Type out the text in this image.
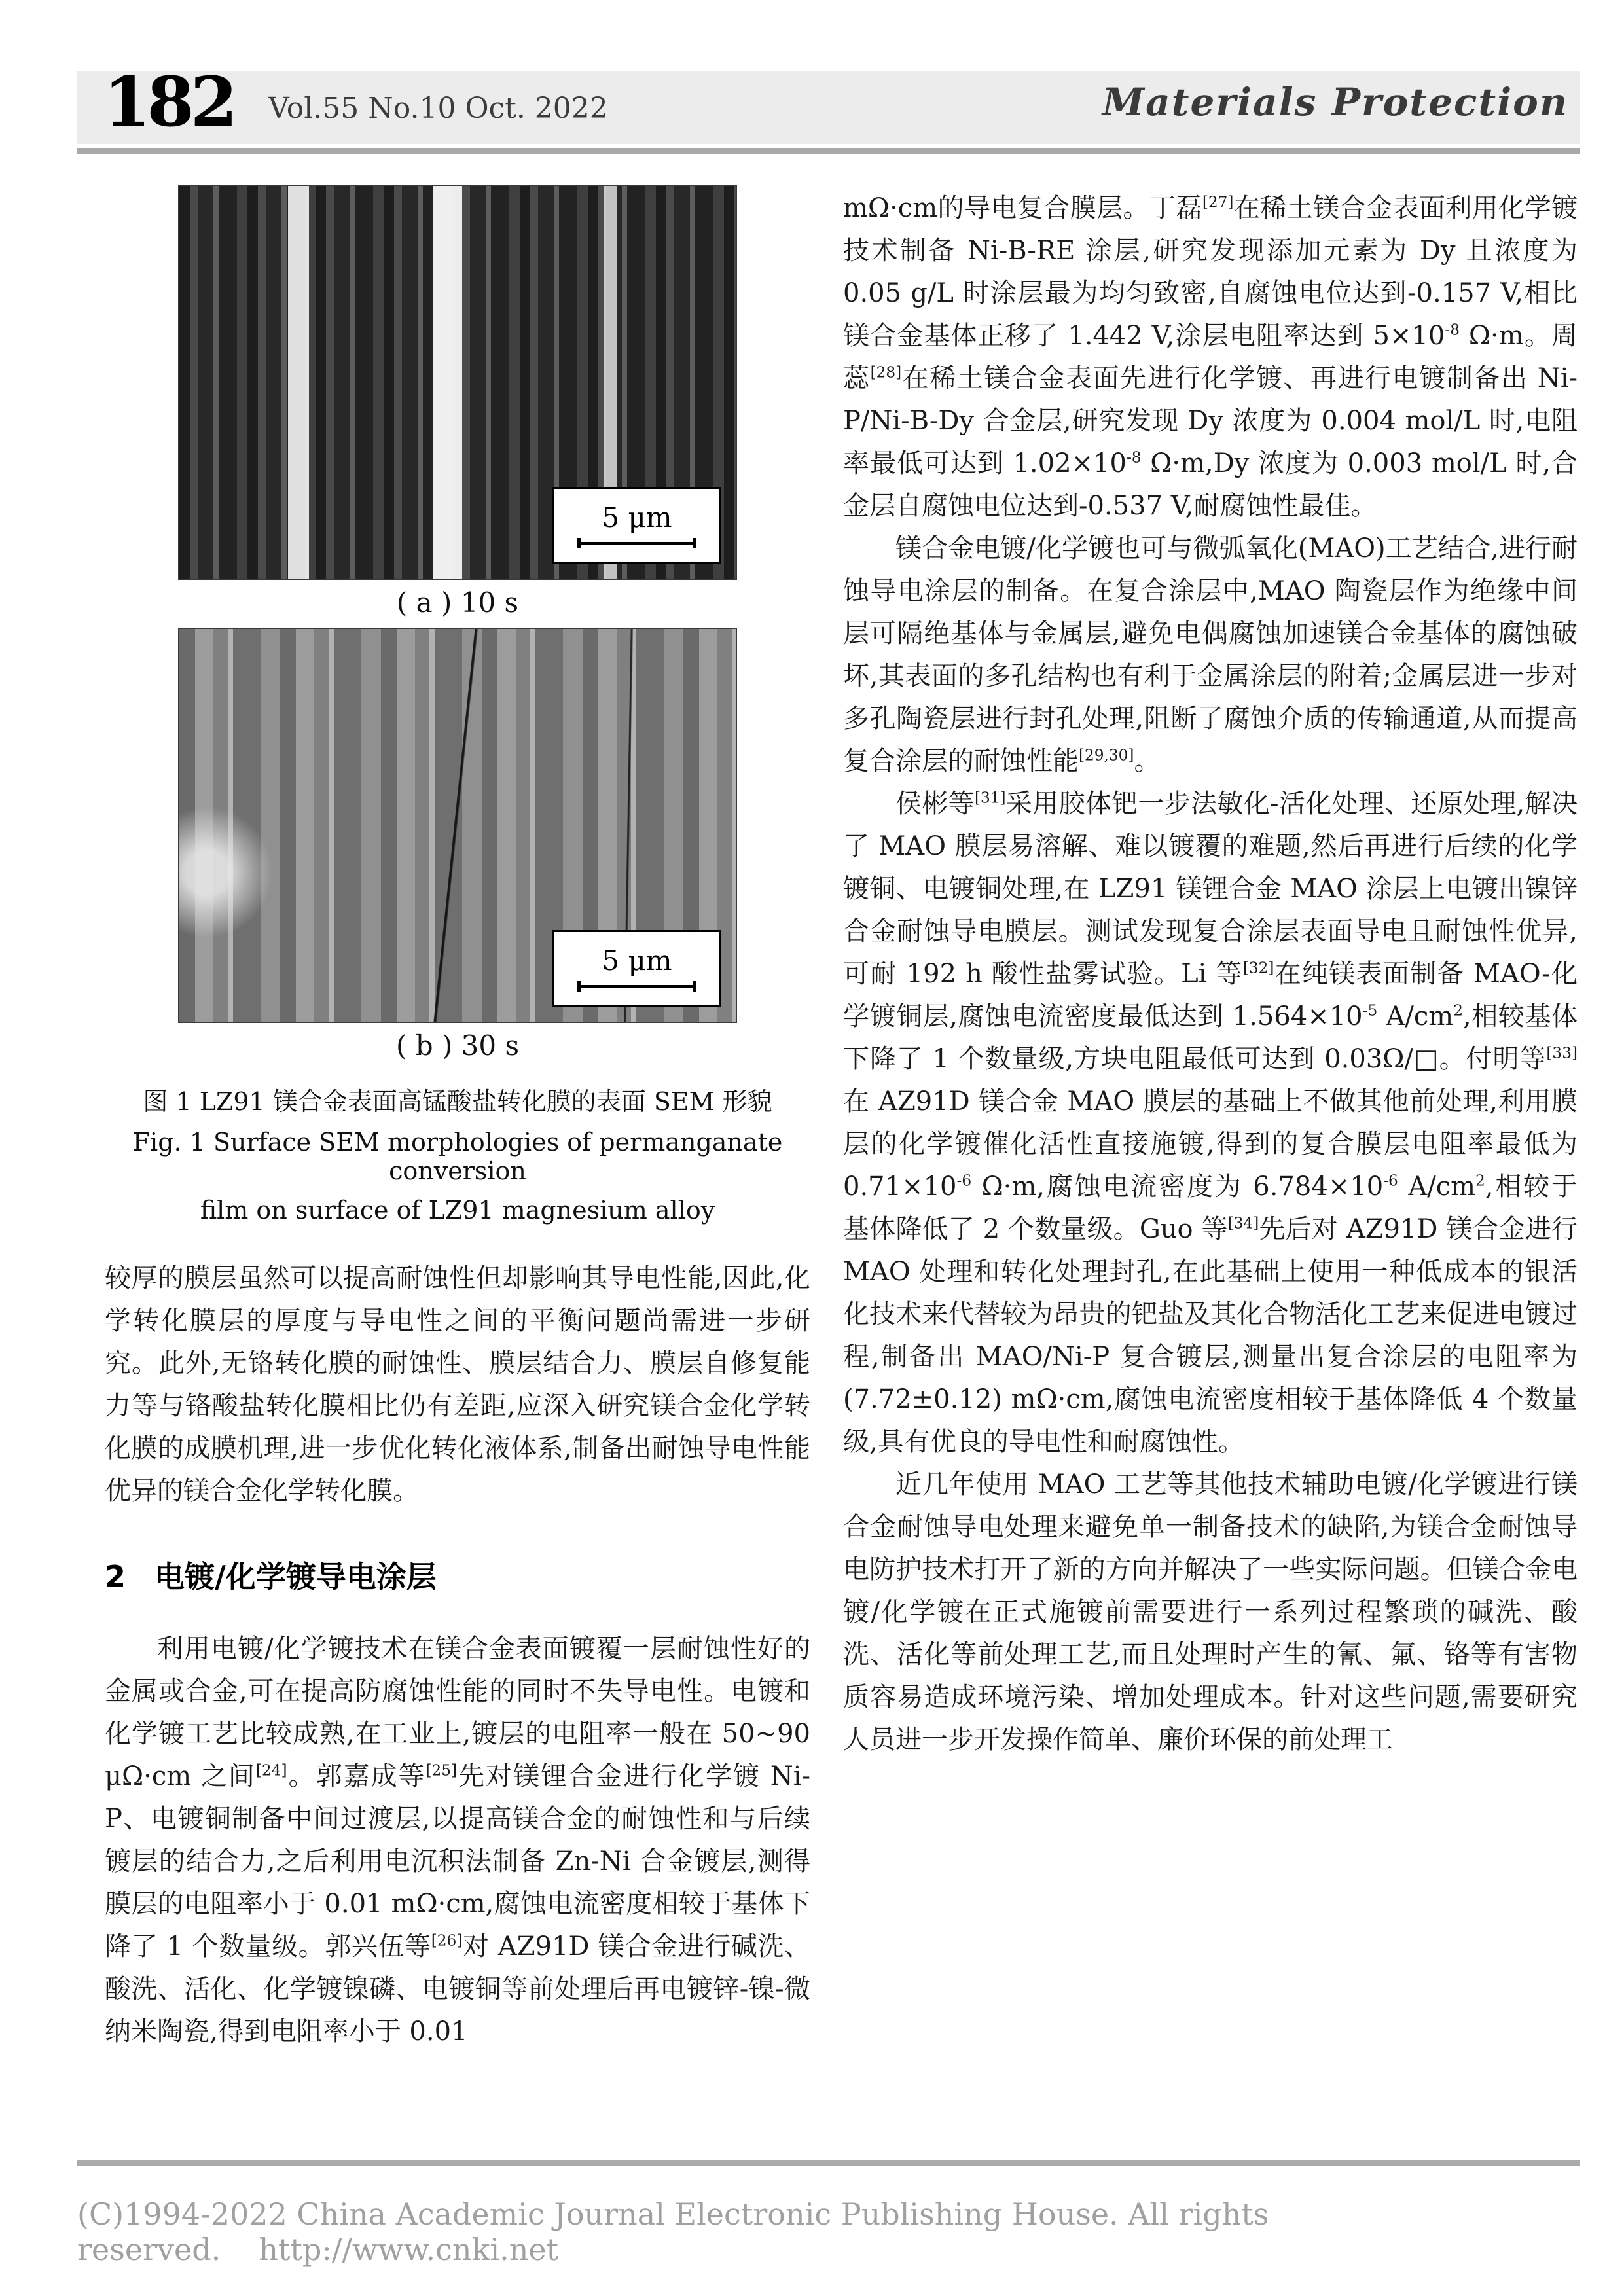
182 Vol.55 No.10 Oct. 2022	Materials Protection
5 μm
( a ) 10 s
5 μm
( b ) 30 s
图 1 LZ91 镁合金表面高锰酸盐转化膜的表面 SEM 形貌
Fig. 1 Surface SEM morphologies of permanganate conversion
film on surface of LZ91 magnesium alloy

较厚的膜层虽然可以提高耐蚀性但却影响其导电性能,因此,化学转化膜层的厚度与导电性之间的平衡问题尚需进一步研究。此外,无铬转化膜的耐蚀性、膜层结合力、膜层自修复能力等与铬酸盐转化膜相比仍有差距,应深入研究镁合金化学转化膜的成膜机理,进一步优化转化液体系,制备出耐蚀导电性能优异的镁合金化学转化膜。

2 电镀/化学镀导电涂层

利用电镀/化学镀技术在镁合金表面镀覆一层耐蚀性好的金属或合金,可在提高防腐蚀性能的同时不失导电性。电镀和化学镀工艺比较成熟,在工业上,镀层的电阻率一般在 50~90 μΩ·cm 之间[24]。郭嘉成等[25]先对镁锂合金进行化学镀 Ni-P、电镀铜制备中间过渡层,以提高镁合金的耐蚀性和与后续镀层的结合力,之后利用电沉积法制备 Zn-Ni 合金镀层,测得膜层的电阻率小于 0.01 mΩ·cm,腐蚀电流密度相较于基体下降了 1 个数量级。郭兴伍等[26]对 AZ91D 镁合金进行碱洗、酸洗、活化、化学镀镍磷、电镀铜等前处理后再电镀锌-镍-微纳米陶瓷,得到电阻率小于 0.01

mΩ·cm的导电复合膜层。丁磊[27]在稀土镁合金表面利用化学镀技术制备 Ni-B-RE 涂层,研究发现添加元素为 Dy 且浓度为 0.05 g/L 时涂层最为均匀致密,自腐蚀电位达到-0.157 V,相比镁合金基体正移了 1.442 V,涂层电阻率达到 $5\times 10^{-8}$ Ω·m。周蕊[28]在稀土镁合金表面先进行化学镀、再进行电镀制备出 Ni-P/Ni-B-Dy 合金层,研究发现 Dy 浓度为 0.004 mol/L 时,电阻率最低可达到 $1.02\times 10^{-8}$ Ω·m,Dy 浓度为 0.003 mol/L 时,合金层自腐蚀电位达到-0.537 V,耐腐蚀性最佳。

镁合金电镀/化学镀也可与微弧氧化(MAO)工艺结合,进行耐蚀导电涂层的制备。在复合涂层中,MAO 陶瓷层作为绝缘中间层可隔绝基体与金属层,避免电偶腐蚀加速镁合金基体的腐蚀破坏,其表面的多孔结构也有利于金属涂层的附着;金属层进一步对多孔陶瓷层进行封孔处理,阻断了腐蚀介质的传输通道,从而提高复合涂层的耐蚀性能[29,30]。

侯彬等[31]采用胶体钯一步法敏化-活化处理、还原处理,解决了 MAO 膜层易溶解、难以镀覆的难题,然后再进行后续的化学镀铜、电镀铜处理,在 LZ91 镁锂合金 MAO 涂层上电镀出镍锌合金耐蚀导电膜层。测试发现复合涂层表面导电且耐蚀性优异,可耐 192 h 酸性盐雾试验。Li 等[32]在纯镁表面制备 MAO-化学镀铜层,腐蚀电流密度最低达到 $1.564\times 10^{-5}$ $A/cm^2$,相较基体下降了 1 个数量级,方块电阻最低可达到 0.03Ω/□。付明等[33]在 AZ91D 镁合金 MAO 膜层的基础上不做其他前处理,利用膜层的化学镀催化活性直接施镀,得到的复合膜层电阻率最低为 $0.71\times 10^{-6}$ Ω·m,腐蚀电流密度为 $6.784\times 10^{-6}$ $A/cm^2$,相较于基体降低了 2 个数量级。Guo 等[34]先后对 AZ91D 镁合金进行 MAO 处理和转化处理封孔,在此基础上使用一种低成本的银活化技术来代替较为昂贵的钯盐及其化合物活化工艺来促进电镀过程,制备出 MAO/Ni-P 复合镀层,测量出复合涂层的电阻率为(7.72±0.12) mΩ·cm,腐蚀电流密度相较于基体降低 4 个数量级,具有优良的导电性和耐腐蚀性。

近几年使用 MAO 工艺等其他技术辅助电镀/化学镀进行镁合金耐蚀导电处理来避免单一制备技术的缺陷,为镁合金耐蚀导电防护技术打开了新的方向并解决了一些实际问题。但镁合金电镀/化学镀在正式施镀前需要进行一系列过程繁琐的碱洗、酸洗、活化等前处理工艺,而且处理时产生的氰、氟、铬等有害物质容易造成环境污染、增加处理成本。针对这些问题,需要研究人员进一步开发操作简单、廉价环保的前处理工

(C)1994-2022 China Academic Journal Electronic Publishing House. All rights reserved. http://www.cnki.net
